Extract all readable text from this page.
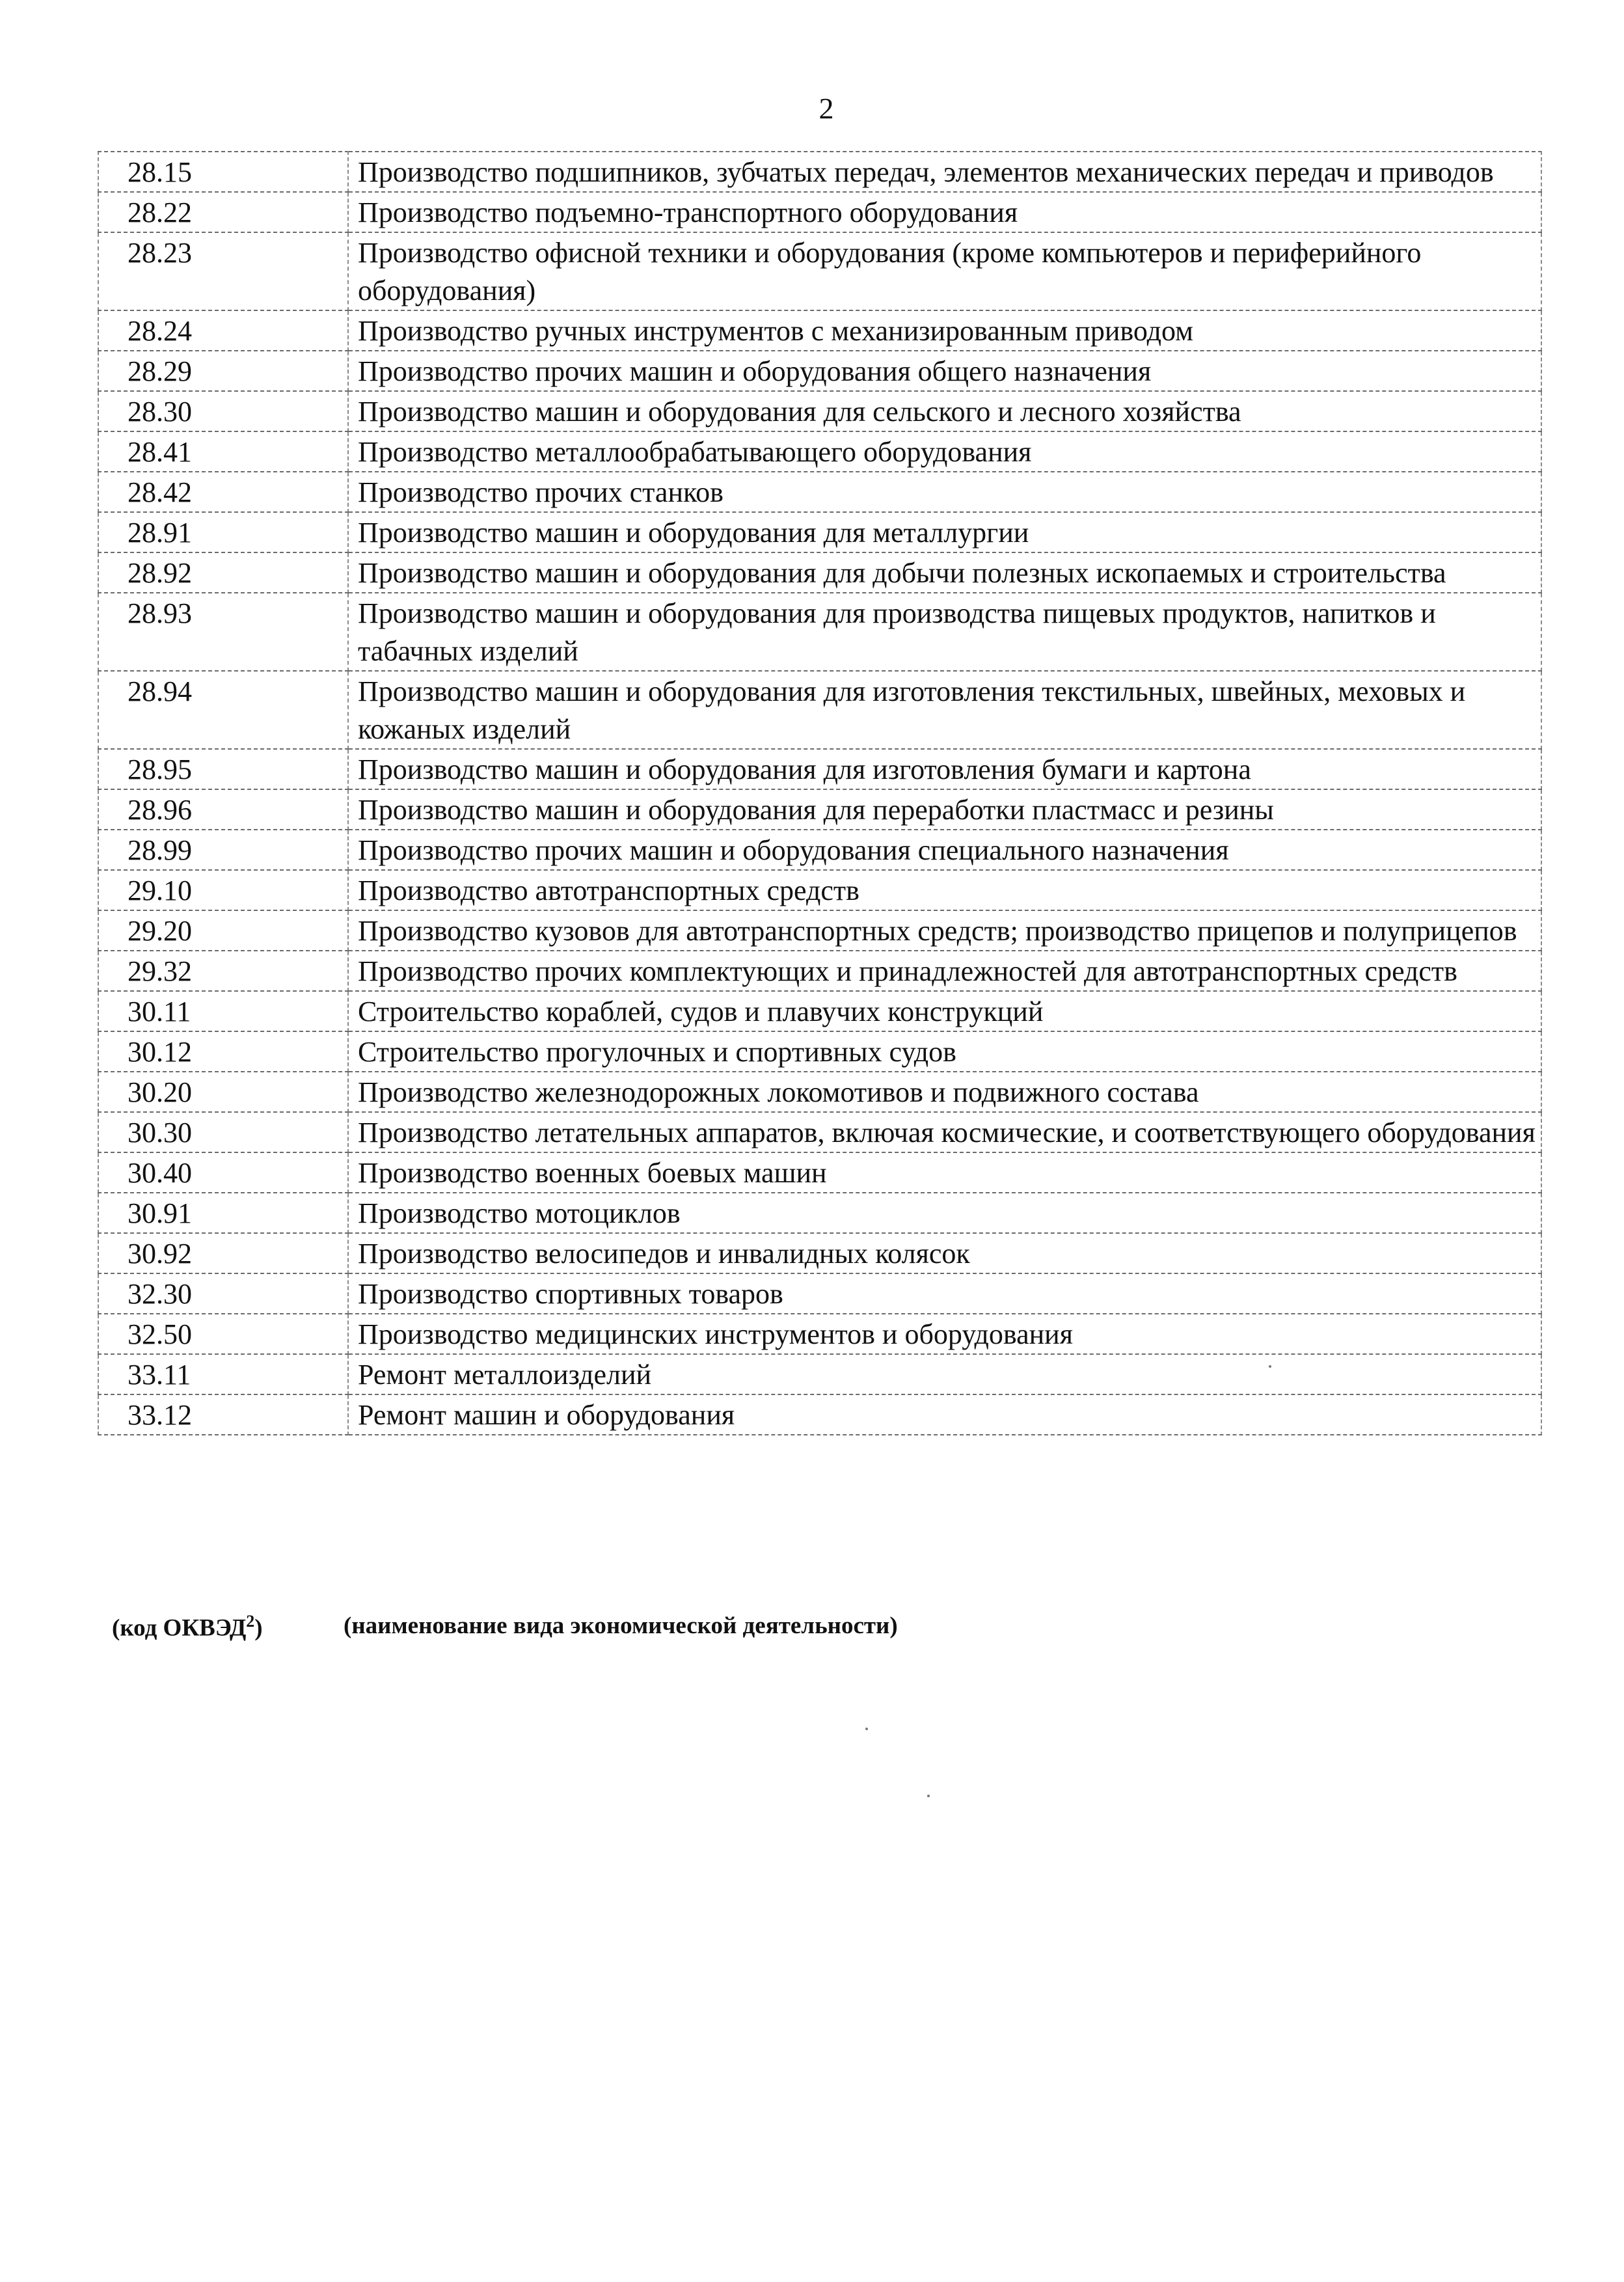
2
28.15	Производство подшипников, зубчатых передач, элементов механических передач и приводов
28.22	Производство подъемно-транспортного оборудования
28.23	Производство офисной техники и оборудования (кроме компьютеров и периферийного оборудования)
28.24	Производство ручных инструментов с механизированным приводом
28.29	Производство прочих машин и оборудования общего назначения
28.30	Производство машин и оборудования для сельского и лесного хозяйства
28.41	Производство металлообрабатывающего оборудования
28.42	Производство прочих станков
28.91	Производство машин и оборудования для металлургии
28.92	Производство машин и оборудования для добычи полезных ископаемых и строительства
28.93	Производство машин и оборудования для производства пищевых продуктов, напитков и табачных изделий
28.94	Производство машин и оборудования для изготовления текстильных, швейных, меховых и кожаных изделий
28.95	Производство машин и оборудования для изготовления бумаги и картона
28.96	Производство машин и оборудования для переработки пластмасс и резины
28.99	Производство прочих машин и оборудования специального назначения
29.10	Производство автотранспортных средств
29.20	Производство кузовов для автотранспортных средств; производство прицепов и полуприцепов
29.32	Производство прочих комплектующих и принадлежностей для автотранспортных средств
30.11	Строительство кораблей, судов и плавучих конструкций
30.12	Строительство прогулочных и спортивных судов
30.20	Производство железнодорожных локомотивов и подвижного состава
30.30	Производство летательных аппаратов, включая космические, и соответствующего оборудования
30.40	Производство военных боевых машин
30.91	Производство мотоциклов
30.92	Производство велосипедов и инвалидных колясок
32.30	Производство спортивных товаров
32.50	Производство медицинских инструментов и оборудования
33.11	Ремонт металлоизделий
33.12	Ремонт машин и оборудования
(код ОКВЭД$^2$)	(наименование вида экономической деятельности)
